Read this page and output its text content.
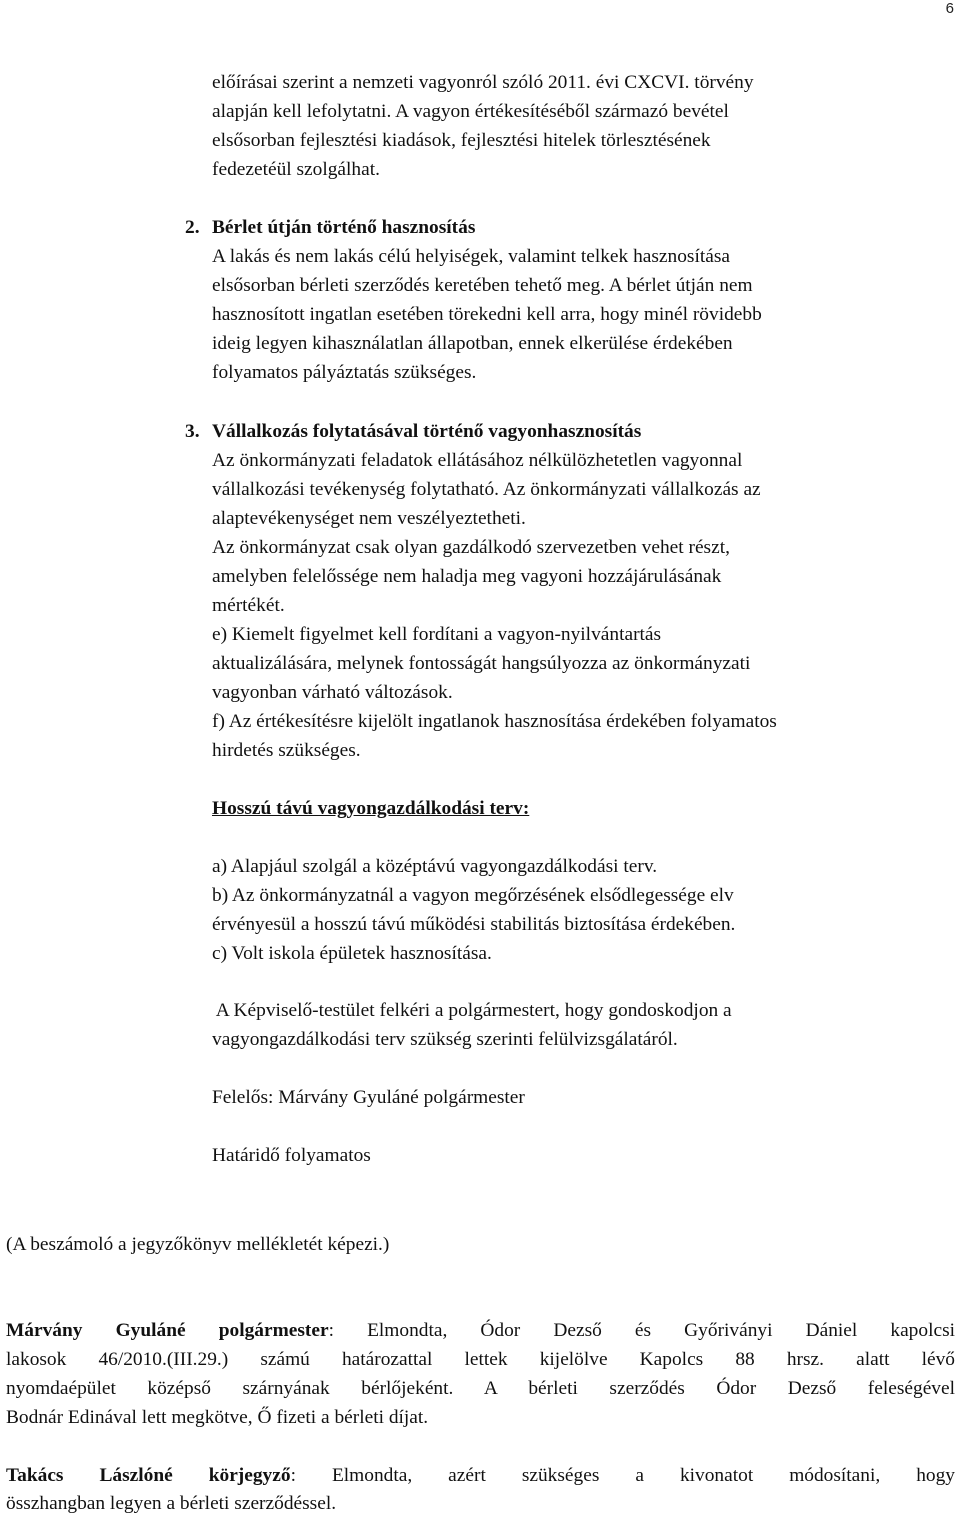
6
előírásai szerint a nemzeti vagyonról szóló 2011. évi CXCVI. törvény
alapján kell lefolytatni. A vagyon értékesítéséből származó bevétel
elsősorban fejlesztési kiadások, fejlesztési hitelek törlesztésének
fedezetéül szolgálhat.
2. Bérlet útján történő hasznosítás
A lakás és nem lakás célú helyiségek, valamint telkek hasznosítása
elsősorban bérleti szerződés keretében tehető meg. A bérlet útján nem
hasznosított ingatlan esetében törekedni kell arra, hogy minél rövidebb
ideig legyen kihasználatlan állapotban, ennek elkerülése érdekében
folyamatos pályáztatás szükséges.
3. Vállalkozás folytatásával történő vagyonhasznosítás
Az önkormányzati feladatok ellátásához nélkülözhetetlen vagyonnal
vállalkozási tevékenység folytatható. Az önkormányzati vállalkozás az
alaptevékenységet nem veszélyeztetheti.
Az önkormányzat csak olyan gazdálkodó szervezetben vehet részt,
amelyben felelőssége nem haladja meg vagyoni hozzájárulásának
mértékét.
e) Kiemelt figyelmet kell fordítani a vagyon-nyilvántartás
aktualizálására, melynek fontosságát hangsúlyozza az önkormányzati
vagyonban várható változások.
f) Az értékesítésre kijelölt ingatlanok hasznosítása érdekében folyamatos
hirdetés szükséges.
Hosszú távú vagyongazdálkodási terv:
a) Alapjául szolgál a középtávú vagyongazdálkodási terv.
b) Az önkormányzatnál a vagyon megőrzésének elsődlegessége elv
érvényesül a hosszú távú működési stabilitás biztosítása érdekében.
c) Volt iskola épületek hasznosítása.
A Képviselő-testület felkéri a polgármestert, hogy gondoskodjon a
vagyongazdálkodási terv szükség szerinti felülvizsgálatáról.
Felelős: Márvány Gyuláné polgármester
Határidő folyamatos
(A beszámoló a jegyzőkönyv mellékletét képezi.)
Márvány Gyuláné polgármester: Elmondta, Ódor Dezső és Győriványi Dániel kapolcsi
lakosok 46/2010.(III.29.) számú határozattal lettek kijelölve Kapolcs 88 hrsz. alatt lévő
nyomdaépület középső szárnyának bérlőjeként. A bérleti szerződés Ódor Dezső feleségével
Bodnár Edinával lett megkötve, Ő fizeti a bérleti díjat.
Takács Lászlóné körjegyző: Elmondta, azért szükséges a kivonatot módosítani, hogy
összhangban legyen a bérleti szerződéssel.
